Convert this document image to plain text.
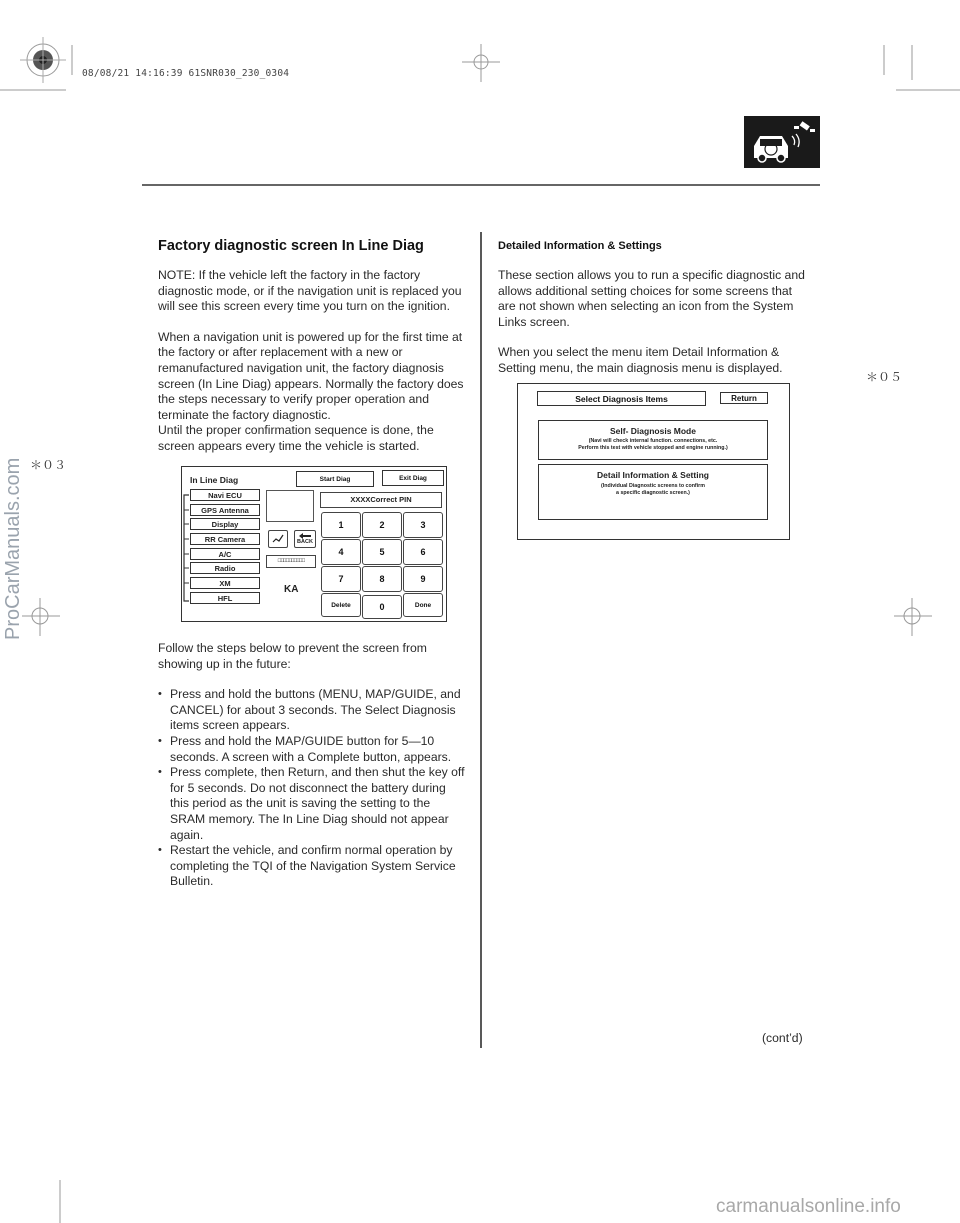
08/08/21 14:16:39 61SNR030_230_0304
＊０５
＊０３
ProCarManuals.com
carmanualsonline.info
Factory diagnostic screen In Line Diag

NOTE: If the vehicle left the factory in the factory diagnostic mode, or if the navigation unit is replaced you will see this screen every time you turn on the ignition.

When a navigation unit is powered up for the first time at the factory or after replacement with a new or remanufactured navigation unit, the factory diagnosis screen (In Line Diag) appears. Normally the factory does the steps necessary to verify proper operation and terminate the factory diagnostic.

Until the proper confirmation sequence is done, the screen appears every time the vehicle is started.

In Line Diag	Start Diag	Exit Diag
Navi ECU
GPS Antenna
Display
RR Camera
A/C
Radio
XM
HFL
BACK
□□□□□□□□□□
KA
XXXXCorrect PIN
1	2	3
4	5	6
7	8	9
Delete	0	Done

Follow the steps below to prevent the screen from showing up in the future:

• Press and hold the buttons (MENU, MAP/GUIDE, and CANCEL) for about 3 seconds. The Select Diagnosis items screen appears.
• Press and hold the MAP/GUIDE button for 5—10 seconds. A screen with a Complete button, appears.
• Press complete, then Return, and then shut the key off for 5 seconds. Do not disconnect the battery during this period as the unit is saving the setting to the SRAM memory. The In Line Diag should not appear again.
• Restart the vehicle, and confirm normal operation by completing the TQI of the Navigation System Service Bulletin.
Detailed Information & Settings

These section allows you to run a specific diagnostic and allows additional setting choices for some screens that are not shown when selecting an icon from the System Links screen.

When you select the menu item Detail Information & Setting menu, the main diagnosis menu is displayed.

Select Diagnosis Items	Return
Self- Diagnosis Mode
(Navi will check internal function. connections, etc.
Perform this test with vehicle stopped and engine running.)
Detail Information & Setting
(Individual Diagnostic screens to confirm
a specific diagnostic screen.)
(cont’d)
